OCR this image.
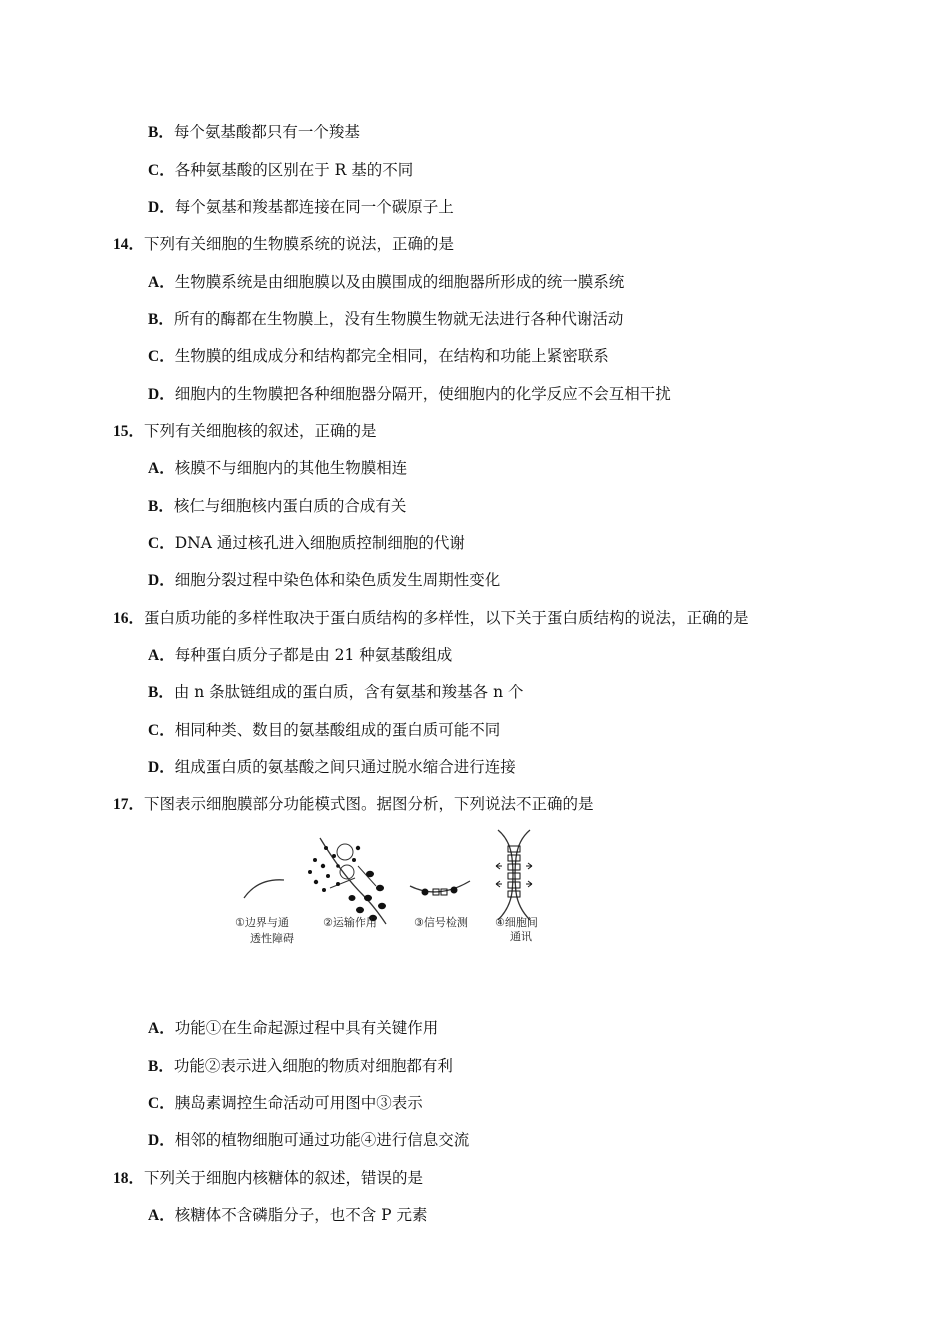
B．每个氨基酸都只有一个羧基
C．各种氨基酸的区别在于 R 基的不同
D．每个氨基和羧基都连接在同一个碳原子上
14．下列有关细胞的生物膜系统的说法，正确的是
A．生物膜系统是由细胞膜以及由膜围成的细胞器所形成的统一膜系统
B．所有的酶都在生物膜上，没有生物膜生物就无法进行各种代谢活动
C．生物膜的组成成分和结构都完全相同，在结构和功能上紧密联系
D．细胞内的生物膜把各种细胞器分隔开，使细胞内的化学反应不会互相干扰
15．下列有关细胞核的叙述，正确的是
A．核膜不与细胞内的其他生物膜相连
B．核仁与细胞核内蛋白质的合成有关
C．DNA 通过核孔进入细胞质控制细胞的代谢
D．细胞分裂过程中染色体和染色质发生周期性变化
16．蛋白质功能的多样性取决于蛋白质结构的多样性，以下关于蛋白质结构的说法，正确的是
A．每种蛋白质分子都是由 21 种氨基酸组成
B．由 n 条肽链组成的蛋白质，含有氨基和羧基各 n 个
C．相同种类、数目的氨基酸组成的蛋白质可能不同
D．组成蛋白质的氨基酸之间只通过脱水缩合进行连接
17．下图表示细胞膜部分功能模式图。据图分析，下列说法不正确的是
①边界与通
透性障碍
②运输作用	③信号检测 ④细胞间
通讯
A．功能①在生命起源过程中具有关键作用
B．功能②表示进入细胞的物质对细胞都有利
C．胰岛素调控生命活动可用图中③表示
D．相邻的植物细胞可通过功能④进行信息交流
18．下列关于细胞内核糖体的叙述，错误的是
A．核糖体不含磷脂分子，也不含 P 元素
